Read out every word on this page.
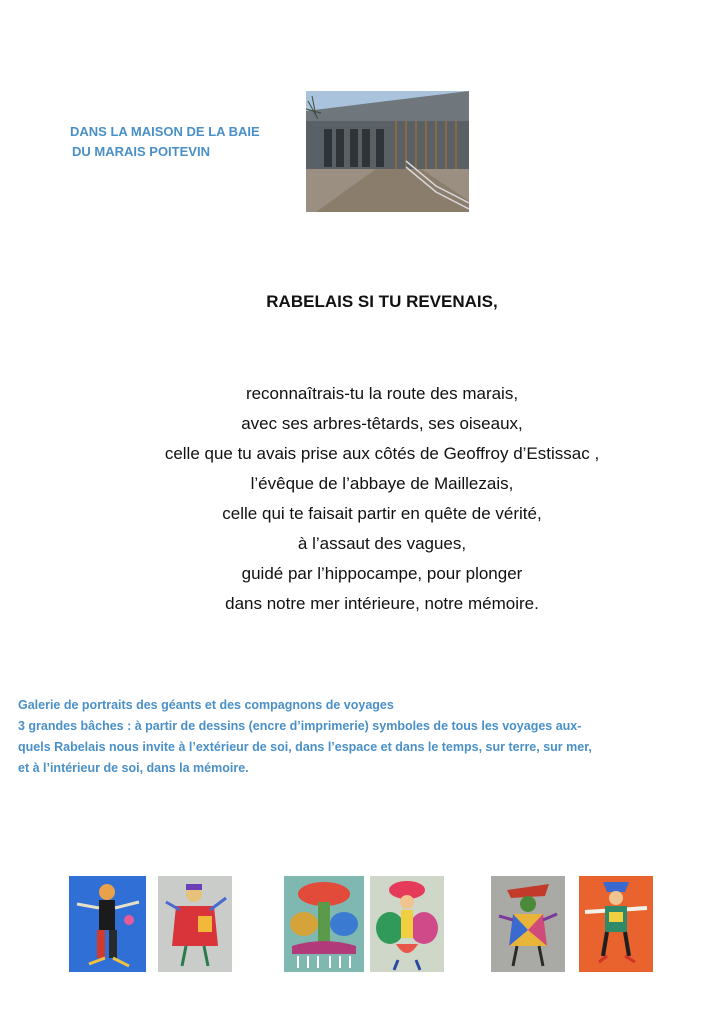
DANS LA MAISON DE LA BAIE
DU MARAIS POITEVIN
RABELAIS SI TU REVENAIS,
reconnaîtrais-tu la route des marais,
avec ses arbres-têtards, ses oiseaux,
celle que tu avais prise aux côtés de Geoffroy d’Estissac ,
l’évêque de l’abbaye de Maillezais,
celle qui te faisait partir en quête de vérité,
à l’assaut des vagues,
guidé par l’hippocampe, pour plonger
dans notre mer intérieure, notre mémoire.
Galerie de portraits des géants et des compagnons de voyages
3 grandes bâches : à partir de dessins (encre d’imprimerie) symboles de tous les voyages aux-
quels Rabelais nous invite à l’extérieur de soi, dans l’espace et dans le temps, sur terre, sur mer,
et à l’intérieur de soi, dans la mémoire.
